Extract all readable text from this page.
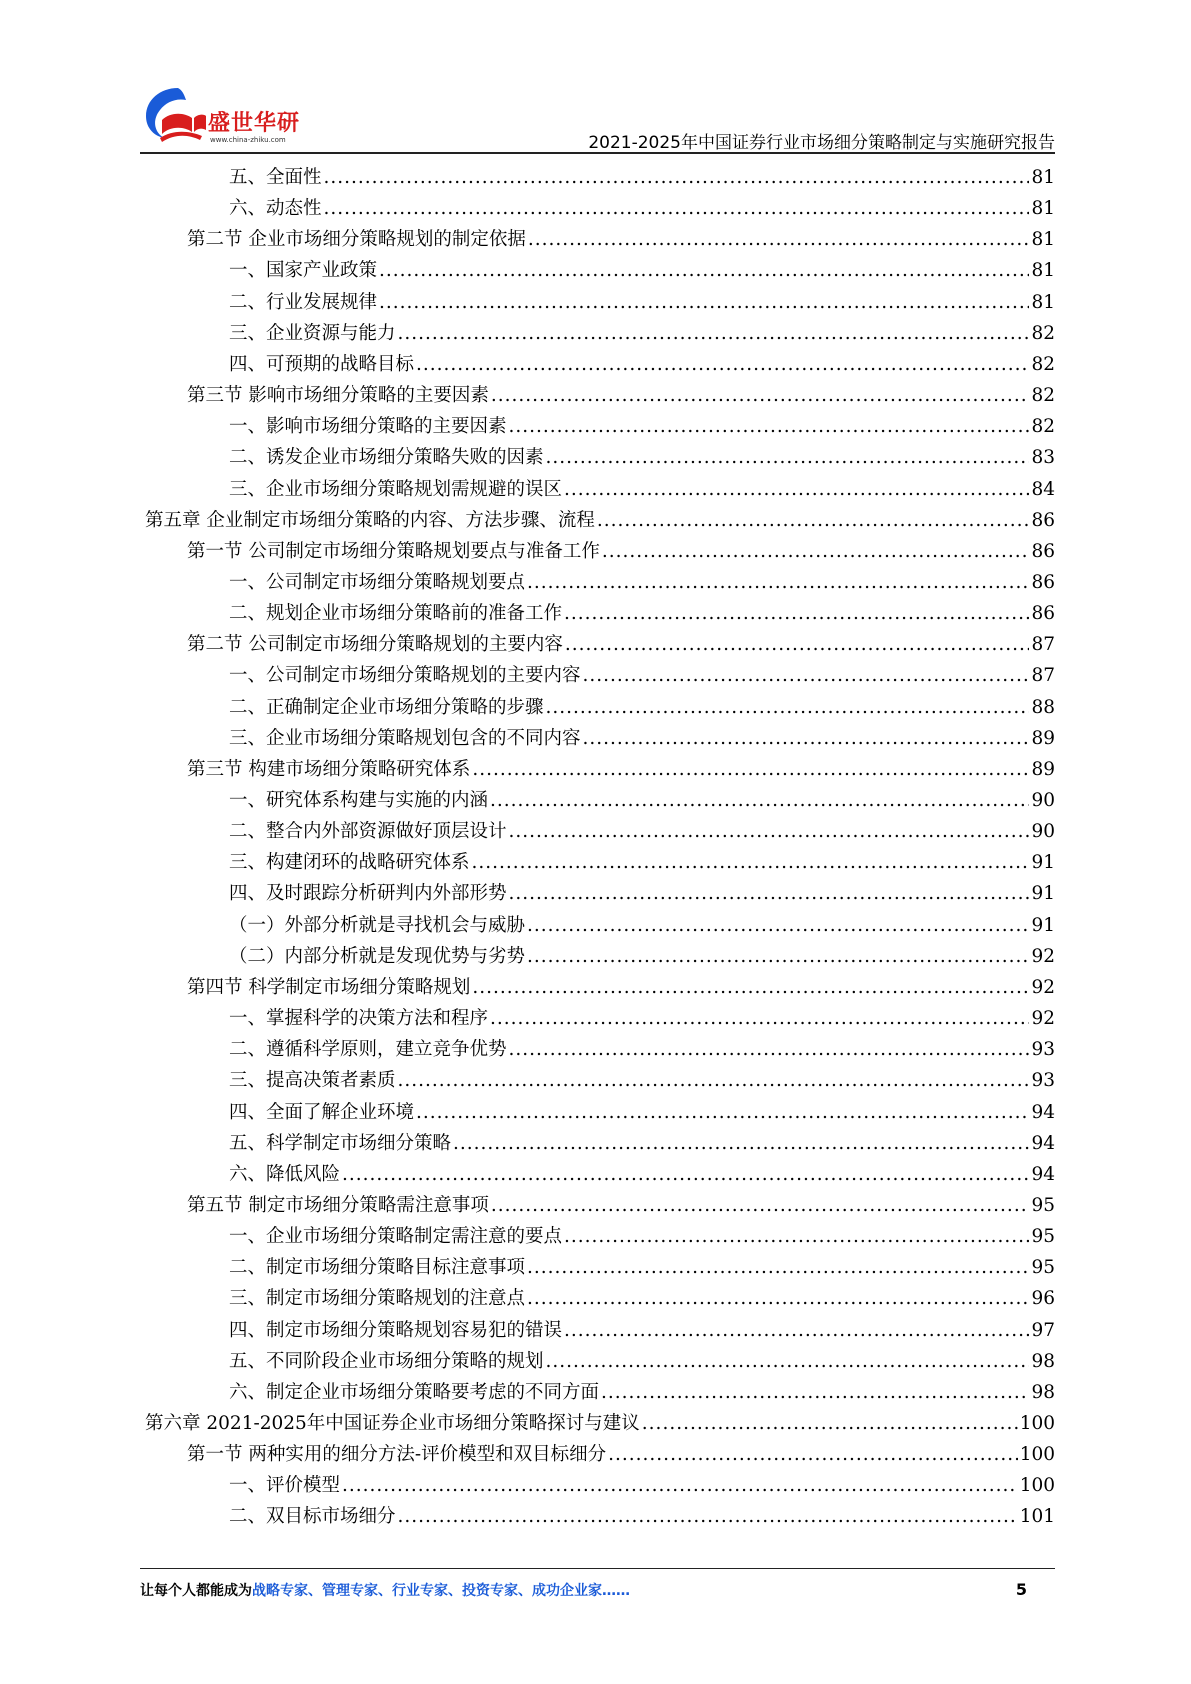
盛世华研
www.china-zhiku.com	2021-2025年中国证券行业市场细分策略制定与实施研究报告
五、全面性 .....	81
六、动态性 .....	81
第二节 企业市场细分策略规划的制定依据 .....	81
一、国家产业政策 .....	81
二、行业发展规律 .....	81
三、企业资源与能力 .....	82
四、可预期的战略目标 .....	82
第三节 影响市场细分策略的主要因素 .....	82
一、影响市场细分策略的主要因素 .....	82
二、诱发企业市场细分策略失败的因素 .....	83
三、企业市场细分策略规划需规避的误区 .....	84
第五章 企业制定市场细分策略的内容、方法步骤、流程 .....	86
第一节 公司制定市场细分策略规划要点与准备工作 .....	86
一、公司制定市场细分策略规划要点 .....	86
二、规划企业市场细分策略前的准备工作 .....	86
第二节 公司制定市场细分策略规划的主要内容 .....	87
一、公司制定市场细分策略规划的主要内容 .....	87
二、正确制定企业市场细分策略的步骤 .....	88
三、企业市场细分策略规划包含的不同内容 .....	89
第三节 构建市场细分策略研究体系 .....	89
一、研究体系构建与实施的内涵 .....	90
二、整合内外部资源做好顶层设计 .....	90
三、构建闭环的战略研究体系 .....	91
四、及时跟踪分析研判内外部形势 .....	91
（一）外部分析就是寻找机会与威胁 .....	91
（二）内部分析就是发现优势与劣势 .....	92
第四节 科学制定市场细分策略规划 .....	92
一、掌握科学的决策方法和程序 .....	92
二、遵循科学原则，建立竞争优势 .....	93
三、提高决策者素质 .....	93
四、全面了解企业环境 .....	94
五、科学制定市场细分策略 .....	94
六、降低风险 .....	94
第五节 制定市场细分策略需注意事项 .....	95
一、企业市场细分策略制定需注意的要点 .....	95
二、制定市场细分策略目标注意事项 .....	95
三、制定市场细分策略规划的注意点 .....	96
四、制定市场细分策略规划容易犯的错误 .....	97
五、不同阶段企业市场细分策略的规划 .....	98
六、制定企业市场细分策略要考虑的不同方面 .....	98
第六章 2021-2025年中国证券企业市场细分策略探讨与建议 .....	100
第一节 两种实用的细分方法-评价模型和双目标细分 .....	100
一、评价模型 .....	100
二、双目标市场细分 .....	101
让每个人都能成为战略专家、管理专家、行业专家、投资专家、成功企业家……	5
